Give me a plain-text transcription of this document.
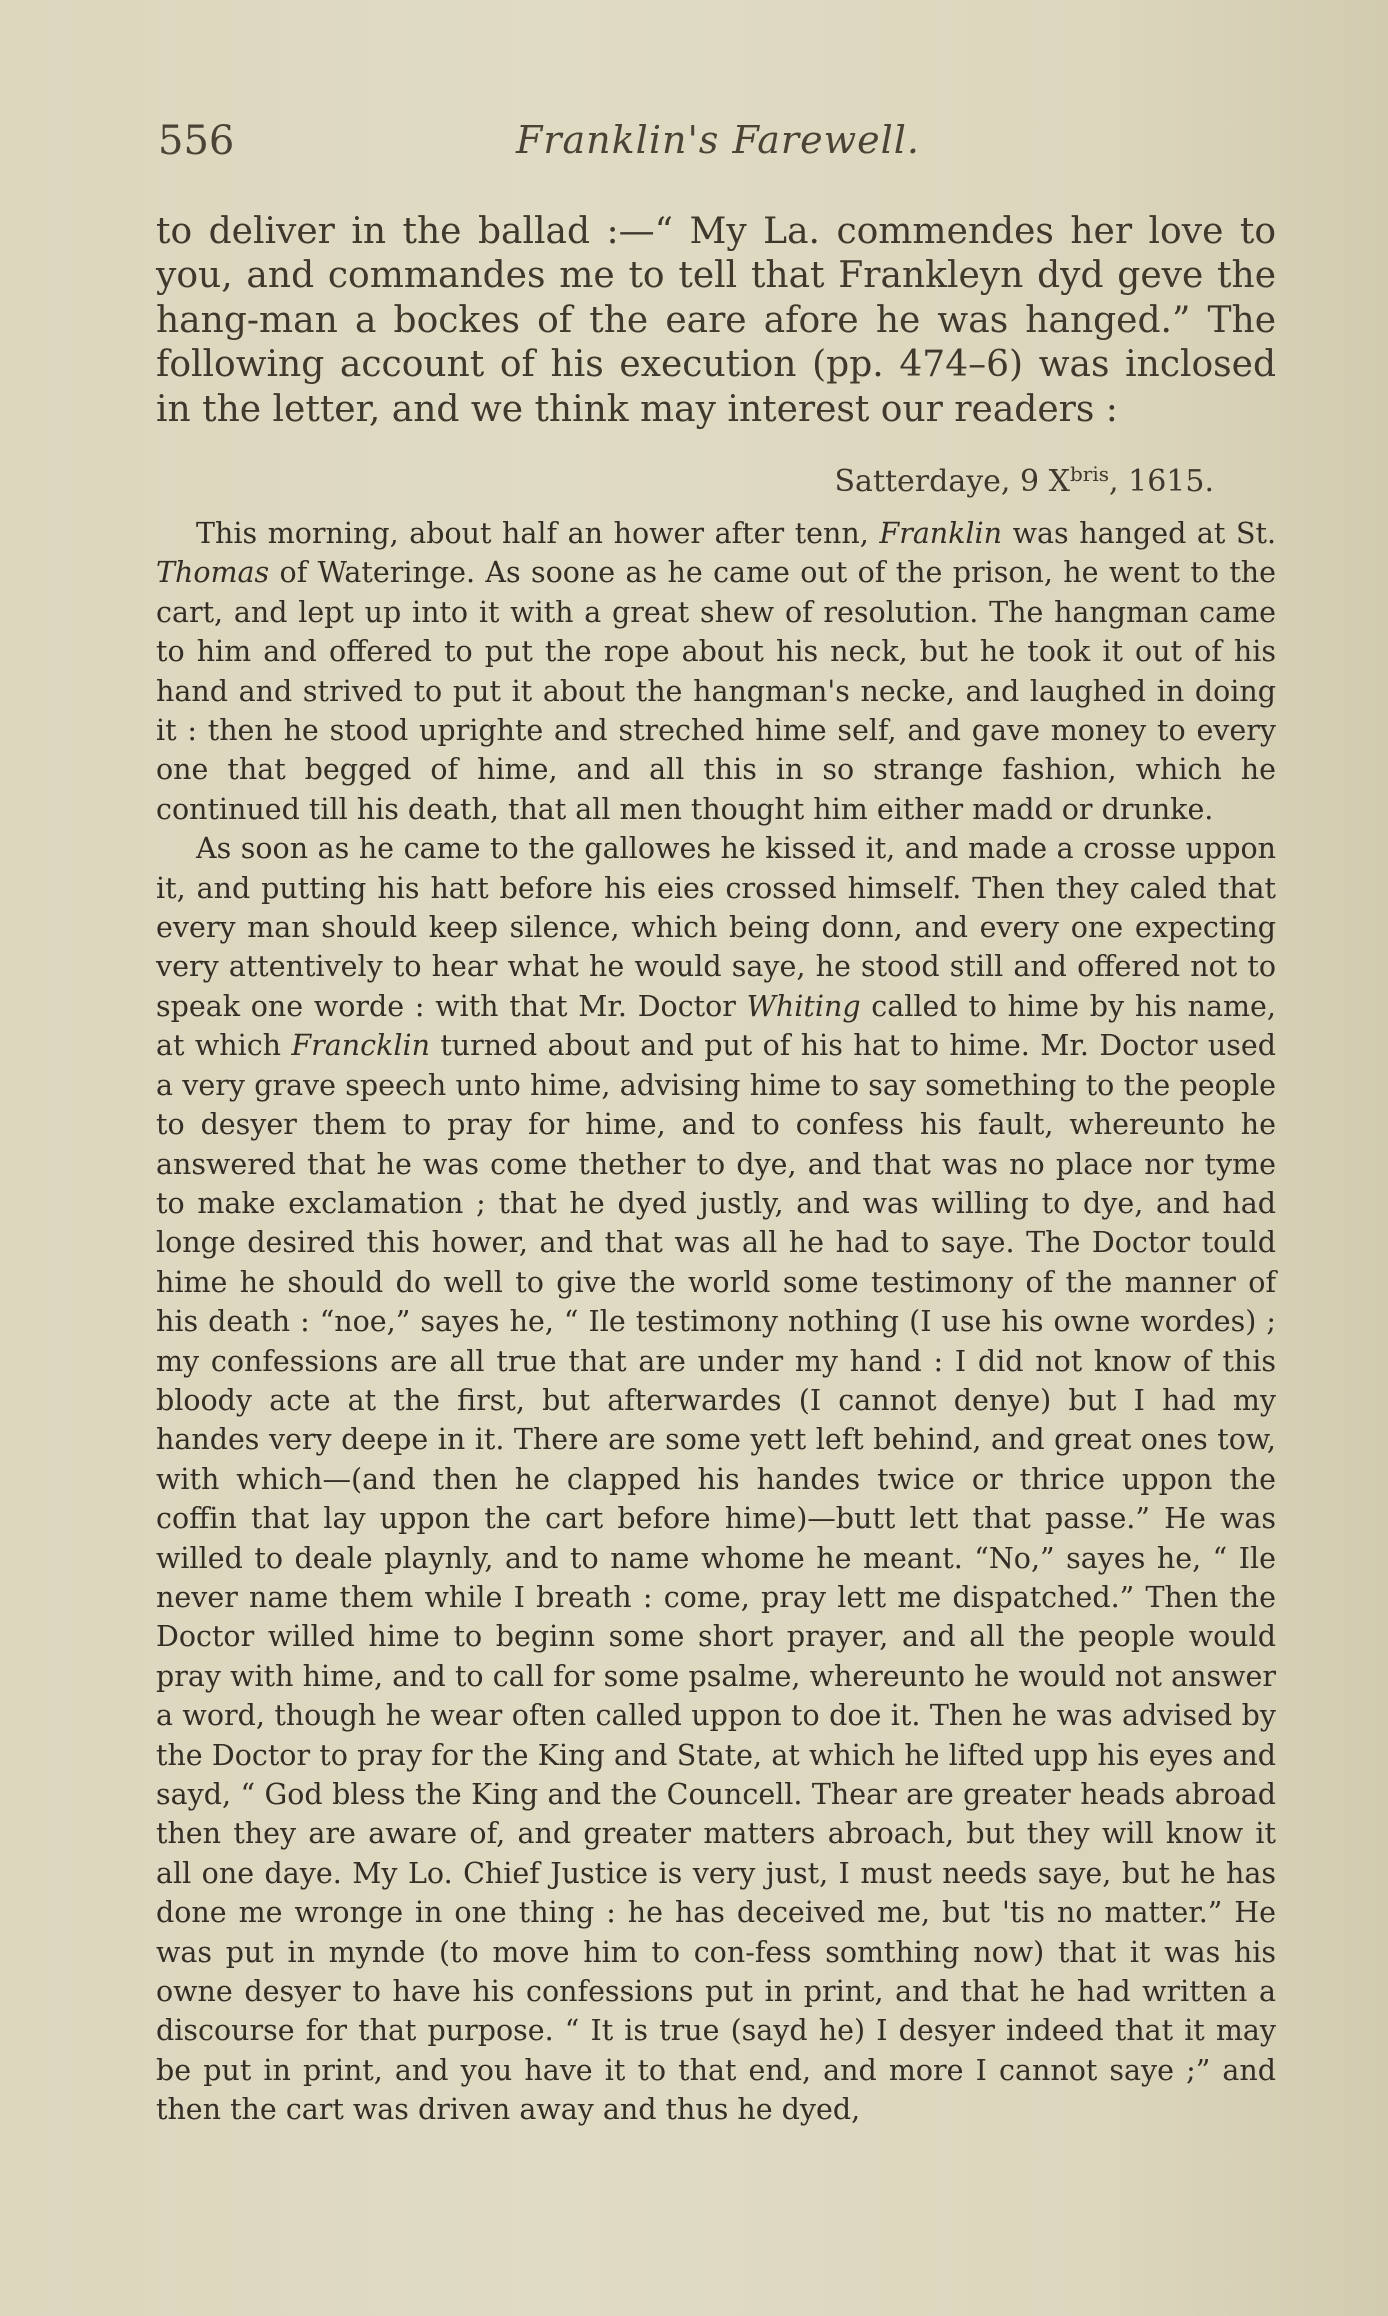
556	Franklin's Farewell.
to deliver in the ballad :—“ My La. commendes her love to you, and commandes me to tell that Frankleyn dyd geve the hang-man a bockes of the eare afore he was hanged.” The following account of his execution (pp. 474–6) was inclosed in the letter, and we think may interest our readers :
Satterdaye, 9 $X^{bris}$, 1615.

This morning, about half an hower after tenn, Franklin was hanged at St. Thomas of Wateringe. As soone as he came out of the prison, he went to the cart, and lept up into it with a great shew of resolution. The hangman came to him and offered to put the rope about his neck, but he took it out of his hand and strived to put it about the hangman's necke, and laughed in doing it : then he stood uprighte and streched hime self, and gave money to every one that begged of hime, and all this in so strange fashion, which he continued till his death, that all men thought him either madd or drunke.

As soon as he came to the gallowes he kissed it, and made a crosse uppon it, and putting his hatt before his eies crossed himself. Then they caled that every man should keep silence, which being donn, and every one expecting very attentively to hear what he would saye, he stood still and offered not to speak one worde : with that Mr. Doctor Whiting called to hime by his name, at which Francklin turned about and put of his hat to hime. Mr. Doctor used a very grave speech unto hime, advising hime to say something to the people to desyer them to pray for hime, and to confess his fault, whereunto he answered that he was come thether to dye, and that was no place nor tyme to make exclamation ; that he dyed justly, and was willing to dye, and had longe desired this hower, and that was all he had to saye. The Doctor tould hime he should do well to give the world some testimony of the manner of his death : “noe,” sayes he, “ Ile testimony nothing (I use his owne wordes) ; my confessions are all true that are under my hand : I did not know of this bloody acte at the first, but afterwardes (I cannot denye) but I had my handes very deepe in it. There are some yett left behind, and great ones tow, with which—(and then he clapped his handes twice or thrice uppon the coffin that lay uppon the cart before hime)—butt lett that passe.” He was willed to deale playnly, and to name whome he meant. “No,” sayes he, “ Ile never name them while I breath : come, pray lett me dispatched.” Then the Doctor willed hime to beginn some short prayer, and all the people would pray with hime, and to call for some psalme, whereunto he would not answer a word, though he wear often called uppon to doe it. Then he was advised by the Doctor to pray for the King and State, at which he lifted upp his eyes and sayd, “ God bless the King and the Councell. Thear are greater heads abroad then they are aware of, and greater matters abroach, but they will know it all one daye. My Lo. Chief Justice is very just, I must needs saye, but he has done me wronge in one thing : he has deceived me, but 'tis no matter.” He was put in mynde (to move him to con-fess somthing now) that it was his owne desyer to have his confessions put in print, and that he had written a discourse for that purpose. “ It is true (sayd he) I desyer indeed that it may be put in print, and you have it to that end, and more I cannot saye ;” and then the cart was driven away and thus he dyed,
